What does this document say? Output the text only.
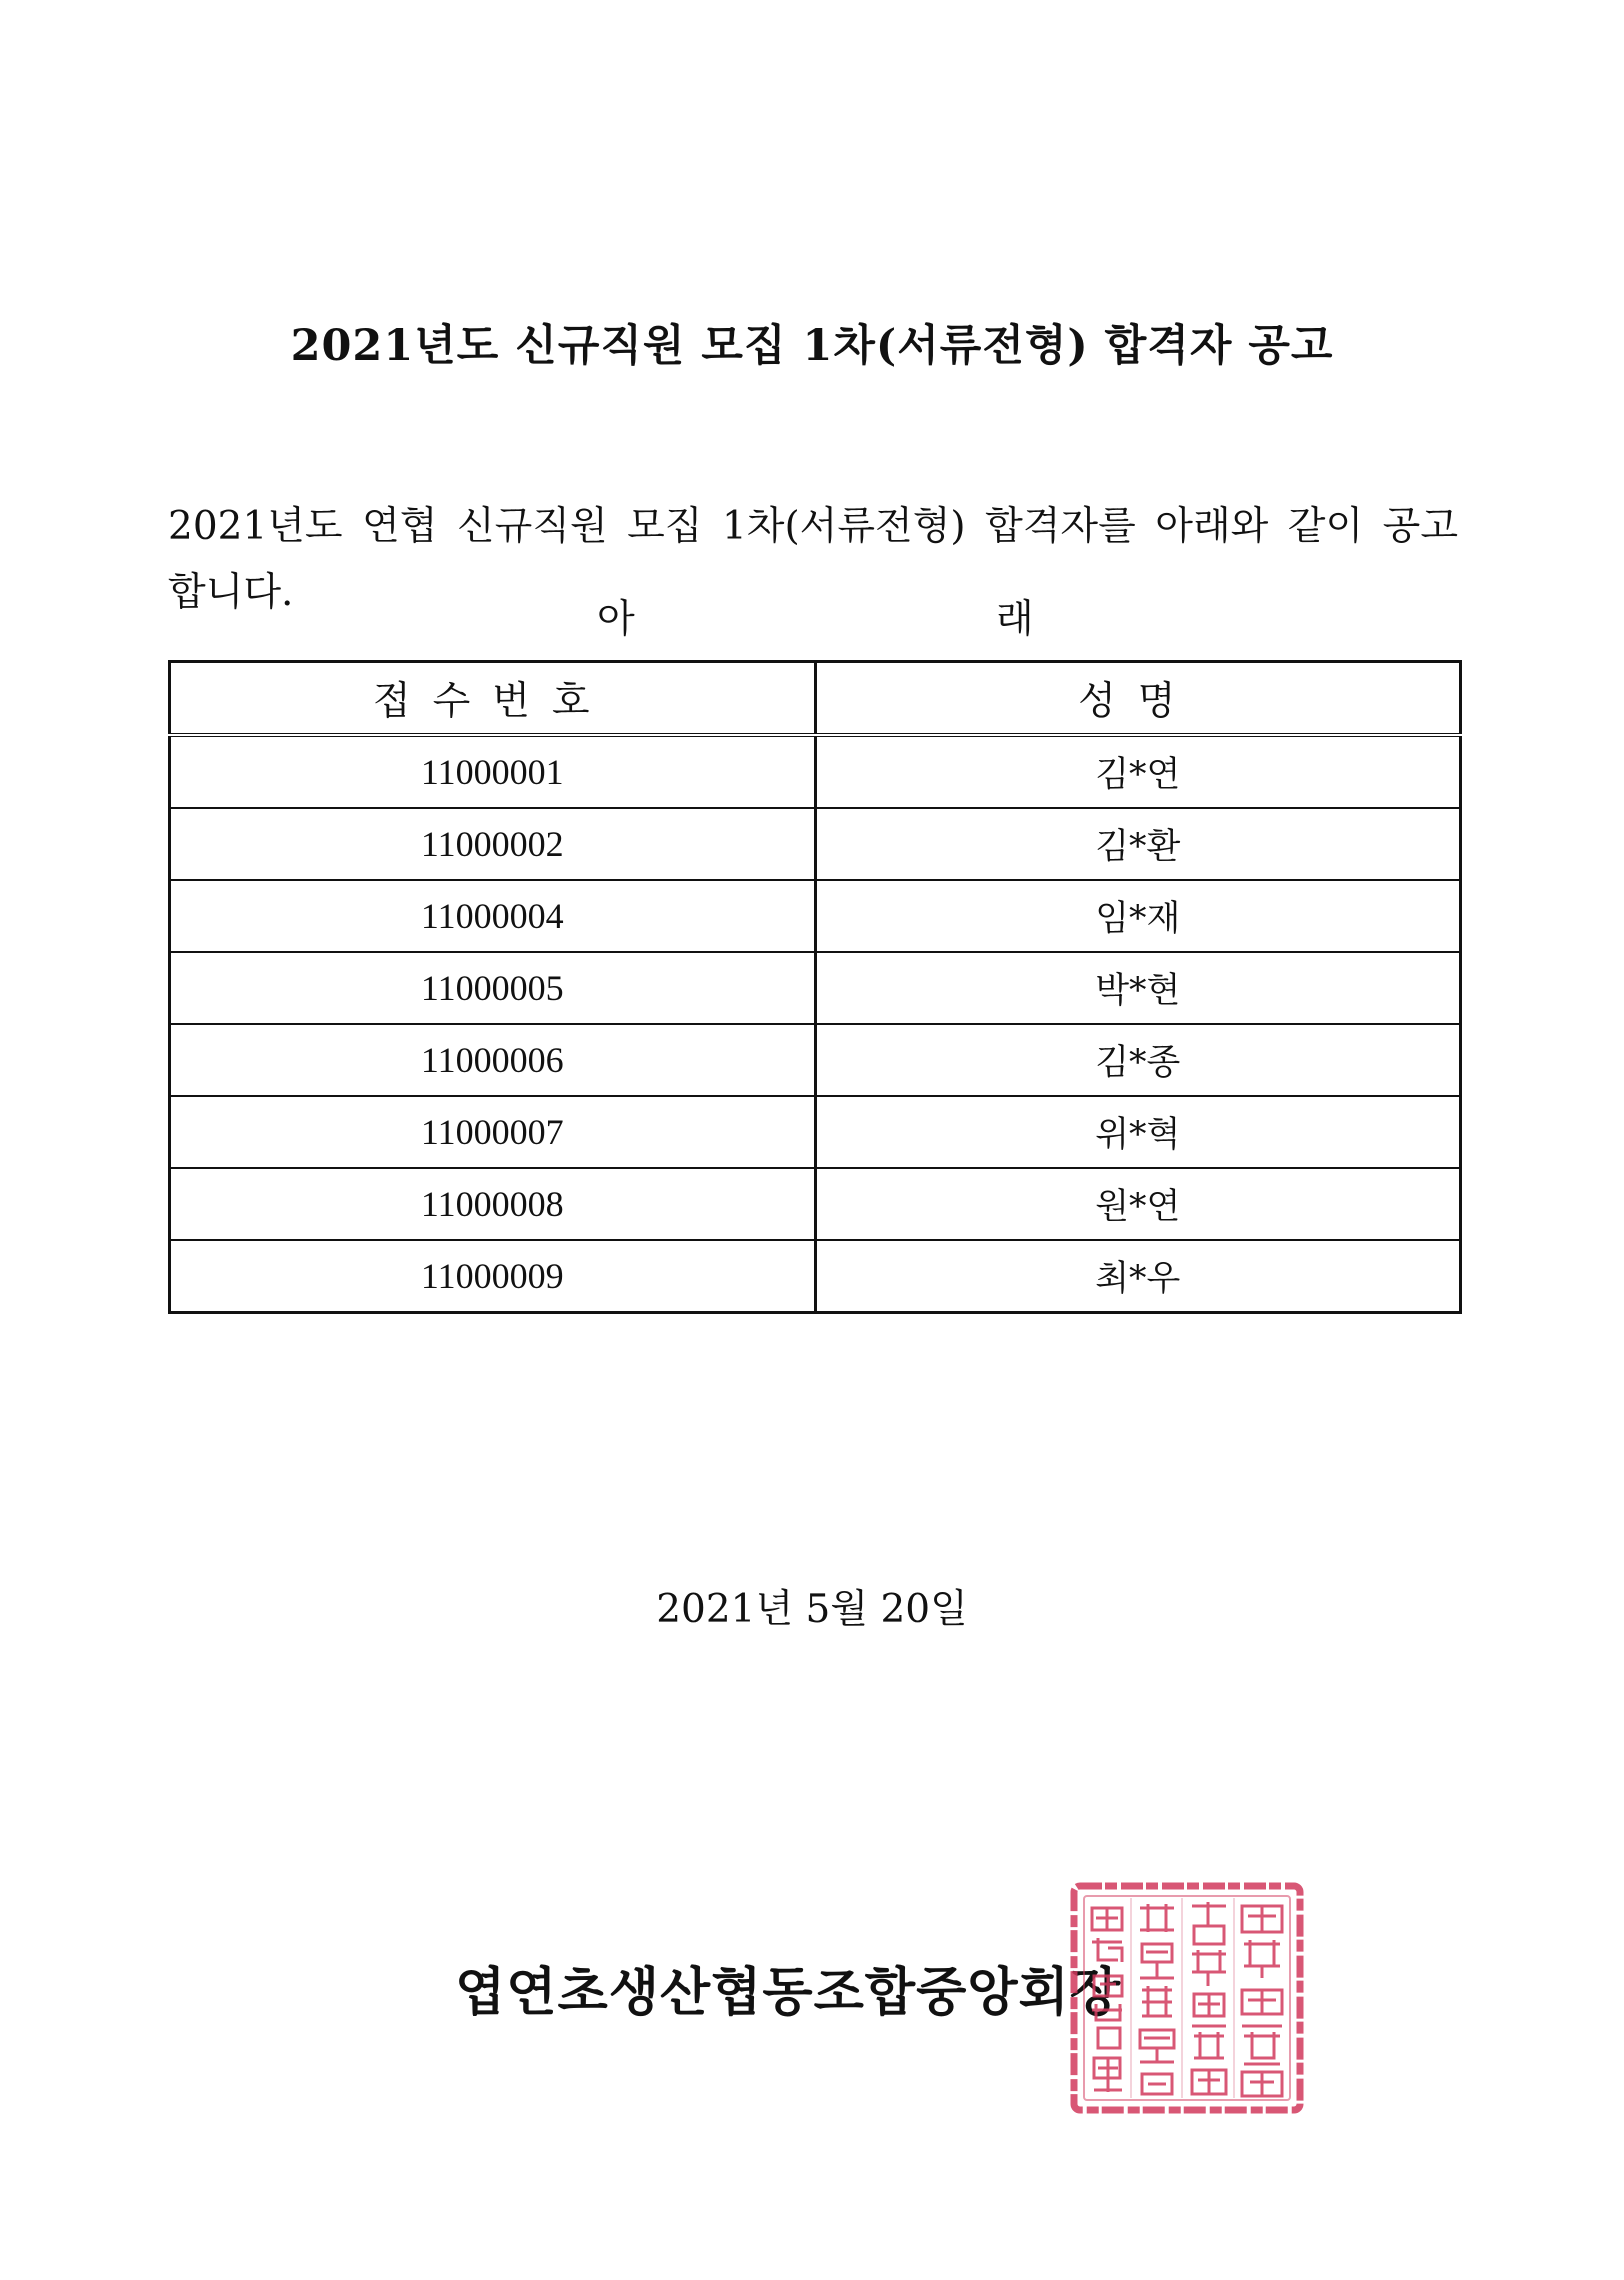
2021년도 신규직원 모집 1차(서류전형) 합격자 공고

2021년도 연협 신규직원 모집 1차(서류전형) 합격자를 아래와 같이 공고합니다.

아	래
접수번호	성명
11000001	김*연
11000002	김*환
11000004	임*재
11000005	박*현
11000006	김*종
11000007	위*혁
11000008	원*연
11000009	최*우
2021년 5월 20일
엽연초생산협동조합중앙회장
